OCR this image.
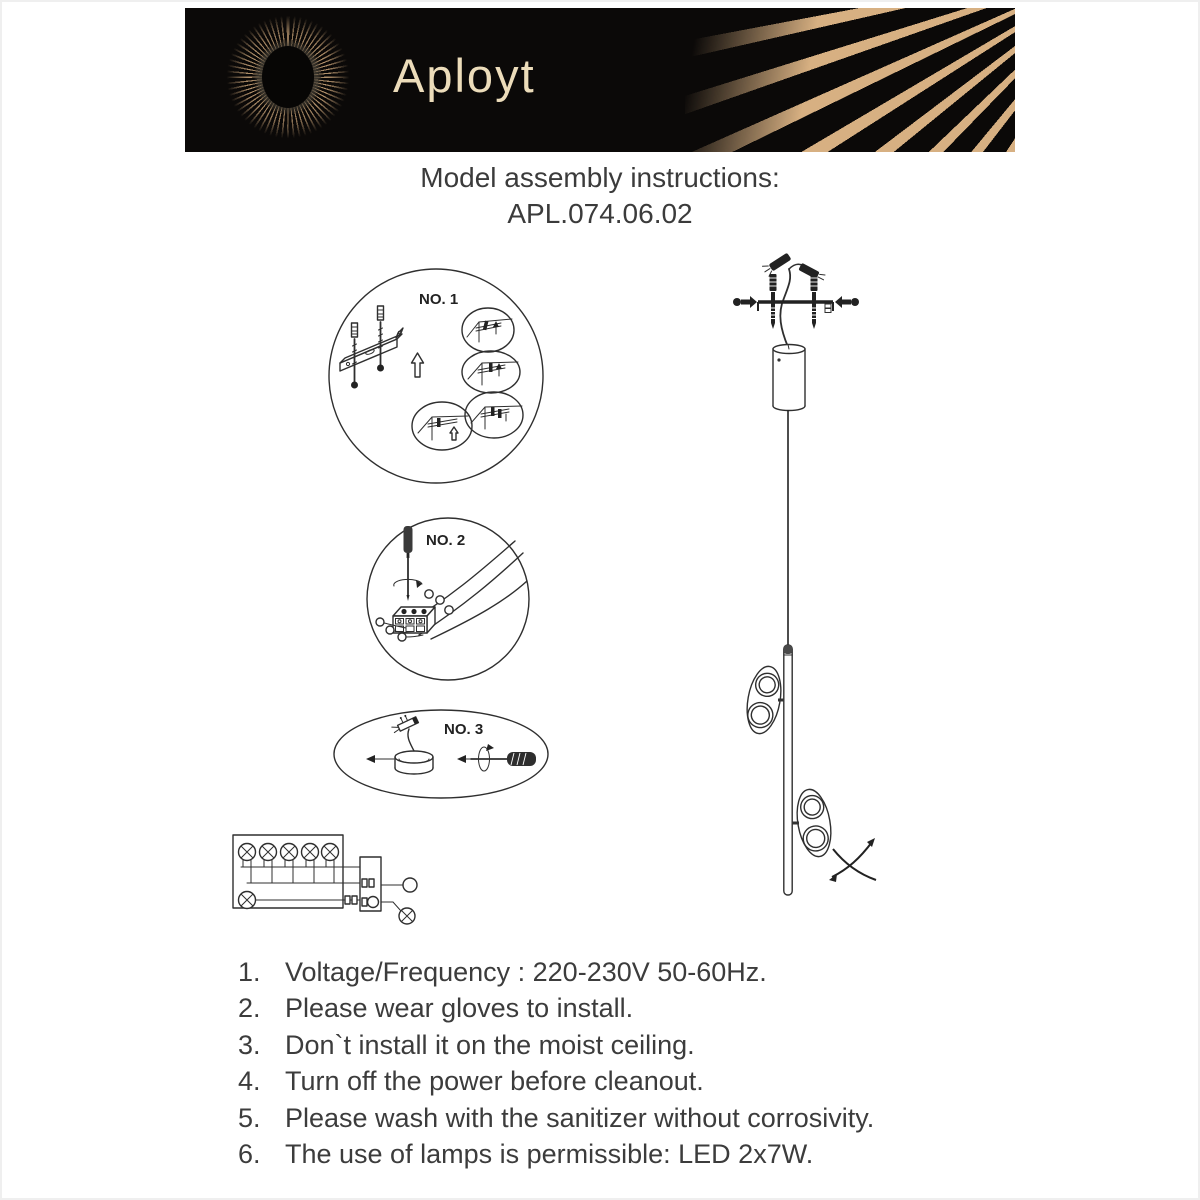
Aployt
Model assembly instructions:
APL.074.06.02
NO. 1
NO. 2
NO. 3
1. Voltage/Frequency : 220-230V 50-60Hz.
2. Please wear gloves to install.
3. Don`t install it on the moist ceiling.
4. Turn off the power before cleanout.
5. Please wash with the sanitizer without corrosivity.
6. The use of lamps is permissible: LED 2x7W.
